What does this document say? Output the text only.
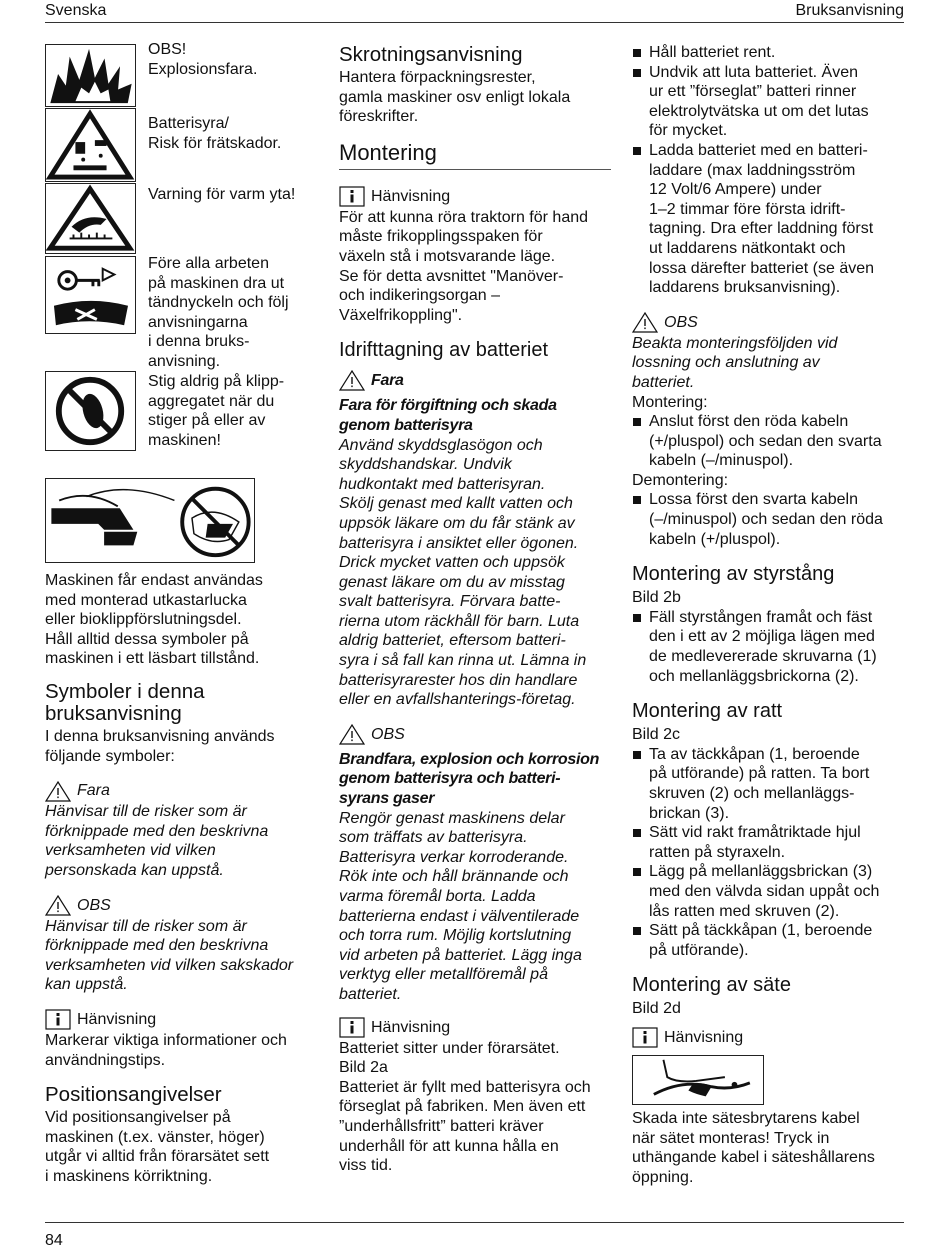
Svenska	Bruksanvisning
OBS!
Explosionsfara.
Batterisyra/
Risk för frätskador.
Varning för varm yta!
Före alla arbeten
på maskinen dra ut
tändnyckeln och följ
anvisningarna
i denna bruks-
anvisning.
Stig aldrig på klipp-
aggregatet när du
stiger på eller av
maskinen!

Maskinen får endast användas
med monterad utkastarlucka
eller bioklippförslutningsdel.
Håll alltid dessa symboler på
maskinen i ett läsbart tillstånd.

Symboler i denna
bruksanvisning

I denna bruksanvisning används
följande symboler:

Fara

Hänvisar till de risker som är
förknippade med den beskrivna
verksamheten vid vilken
personskada kan uppstå.

OBS

Hänvisar till de risker som är
förknippade med den beskrivna
verksamheten vid vilken sakskador
kan uppstå.

Hänvisning

Markerar viktiga informationer och
användningstips.

Positionsangivelser

Vid positionsangivelser på
maskinen (t.ex. vänster, höger)
utgår vi alltid från förarsätet sett
i maskinens körriktning.

Skrotningsanvisning

Hantera förpackningsrester,
gamla maskiner osv enligt lokala
föreskrifter.

Montering
Hänvisning

För att kunna röra traktorn för hand
måste frikopplingsspaken för
växeln stå i motsvarande läge.
Se för detta avsnittet "Manöver-
och indikeringsorgan –
Växelfrikoppling".

Idrifttagning av batteriet
Fara

Fara för förgiftning och skada
genom batterisyra

Använd skyddsglasögon och
skyddshandskar. Undvik
hudkontakt med batterisyran.
Skölj genast med kallt vatten och
uppsök läkare om du får stänk av
batterisyra i ansiktet eller ögonen.
Drick mycket vatten och uppsök
genast läkare om du av misstag
svalt batterisyra. Förvara batte-
rierna utom räckhåll för barn. Luta
aldrig batteriet, eftersom batteri-
syra i så fall kan rinna ut. Lämna in
batterisyrarester hos din handlare
eller en avfallshanterings-företag.

OBS

Brandfara, explosion och korrosion
genom batterisyra och batteri-
syrans gaser

Rengör genast maskinens delar
som träffats av batterisyra.
Batterisyra verkar korroderande.
Rök inte och håll brännande och
varma föremål borta. Ladda
batterierna endast i välventilerade
och torra rum. Möjlig kortslutning
vid arbeten på batteriet. Lägg inga
verktyg eller metallföremål på
batteriet.

Hänvisning

Batteriet sitter under förarsätet.
Bild 2a
Batteriet är fyllt med batterisyra och
förseglat på fabriken. Men även ett
”underhållsfritt” batteri kräver
underhåll för att kunna hålla en
viss tid.

Håll batteriet rent.
Undvik att luta batteriet. Även
ur ett ”förseglat” batteri rinner
elektrolytvätska ut om det lutas
för mycket.
Ladda batteriet med en batteri-
laddare (max laddningsström
12 Volt/6 Ampere) under
1–2 timmar före första idrift-
tagning. Dra efter laddning först
ut laddarens nätkontakt och
lossa därefter batteriet (se även
laddarens bruksanvisning).
OBS

Beakta monteringsföljden vid
lossning och anslutning av
batteriet.

Montering:

Anslut först den röda kabeln
(+/pluspol) och sedan den svarta
kabeln (–/minuspol).

Demontering:

Lossa först den svarta kabeln
(–/minuspol) och sedan den röda
kabeln (+/pluspol).
Montering av styrstång

Bild 2b

Fäll styrstången framåt och fäst
den i ett av 2 möjliga lägen med
de medlevererade skruvarna (1)
och mellanläggsbrickorna (2).
Montering av ratt

Bild 2c

Ta av täckkåpan (1, beroende
på utförande) på ratten. Ta bort
skruven (2) och mellanläggs-
brickan (3).
Sätt vid rakt framåtriktade hjul
ratten på styraxeln.
Lägg på mellanläggsbrickan (3)
med den välvda sidan uppåt och
lås ratten med skruven (2).
Sätt på täckkåpan (1, beroende
på utförande).
Montering av säte

Bild 2d

Hänvisning

Skada inte sätesbrytarens kabel
när sätet monteras! Tryck in
uthängande kabel i säteshållarens
öppning.

84
